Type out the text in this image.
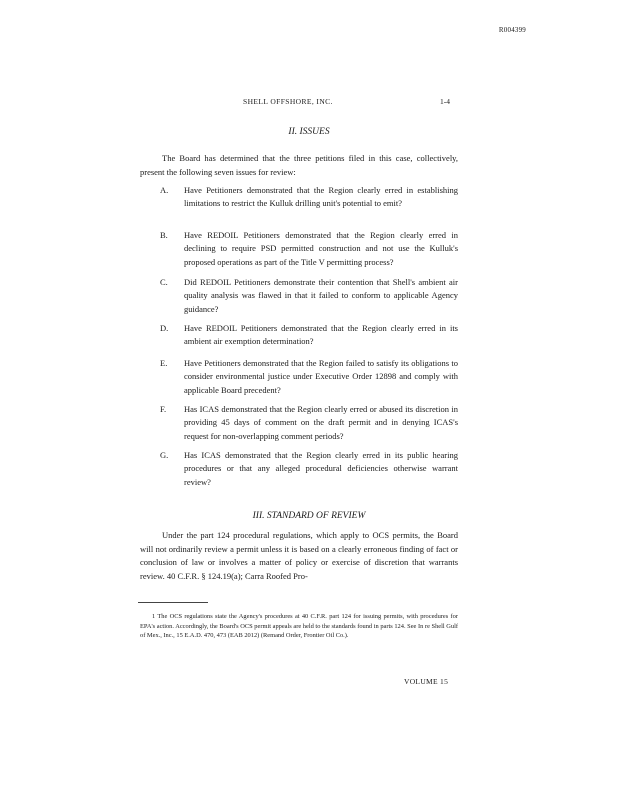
R004399
SHELL OFFSHORE, INC.	1-4
II. ISSUES

The Board has determined that the three petitions filed in this case, collectively, present the following seven issues for review:

A. Have Petitioners demonstrated that the Region clearly erred in establishing limitations to restrict the Kulluk drilling unit's potential to emit?
B. Have REDOIL Petitioners demonstrated that the Region clearly erred in declining to require PSD permitted construction and not use the Kulluk's proposed operations as part of the Title V permitting process?
C. Did REDOIL Petitioners demonstrate their contention that Shell's ambient air quality analysis was flawed in that it failed to conform to applicable Agency guidance?
D. Have REDOIL Petitioners demonstrated that the Region clearly erred in its ambient air exemption determination?
E. Have Petitioners demonstrated that the Region failed to satisfy its obligations to consider environmental justice under Executive Order 12898 and comply with applicable Board precedent?
F. Has ICAS demonstrated that the Region clearly erred or abused its discretion in providing 45 days of comment on the draft permit and in denying ICAS's request for non-overlapping comment periods?
G. Has ICAS demonstrated that the Region clearly erred in its public hearing procedures or that any alleged procedural deficiencies otherwise warrant review?
III. STANDARD OF REVIEW

Under the part 124 procedural regulations, which apply to OCS permits, the Board will not ordinarily review a permit unless it is based on a clearly erroneous finding of fact or conclusion of law or involves a matter of policy or exercise of discretion that warrants review. 40 C.F.R. § 124.19(a); Carra Roofed Pro-

1 The OCS regulations state the Agency's procedures at 40 C.F.R. part 124 for issuing permits, with procedures for EPA's action. Accordingly, the Board's OCS permit appeals are held to the standards found in parts 124. See In re Shell Gulf of Mex., Inc., 15 E.A.D. 470, 473 (EAB 2012) (Remand Order, Frontier Oil Co.).

VOLUME 15
